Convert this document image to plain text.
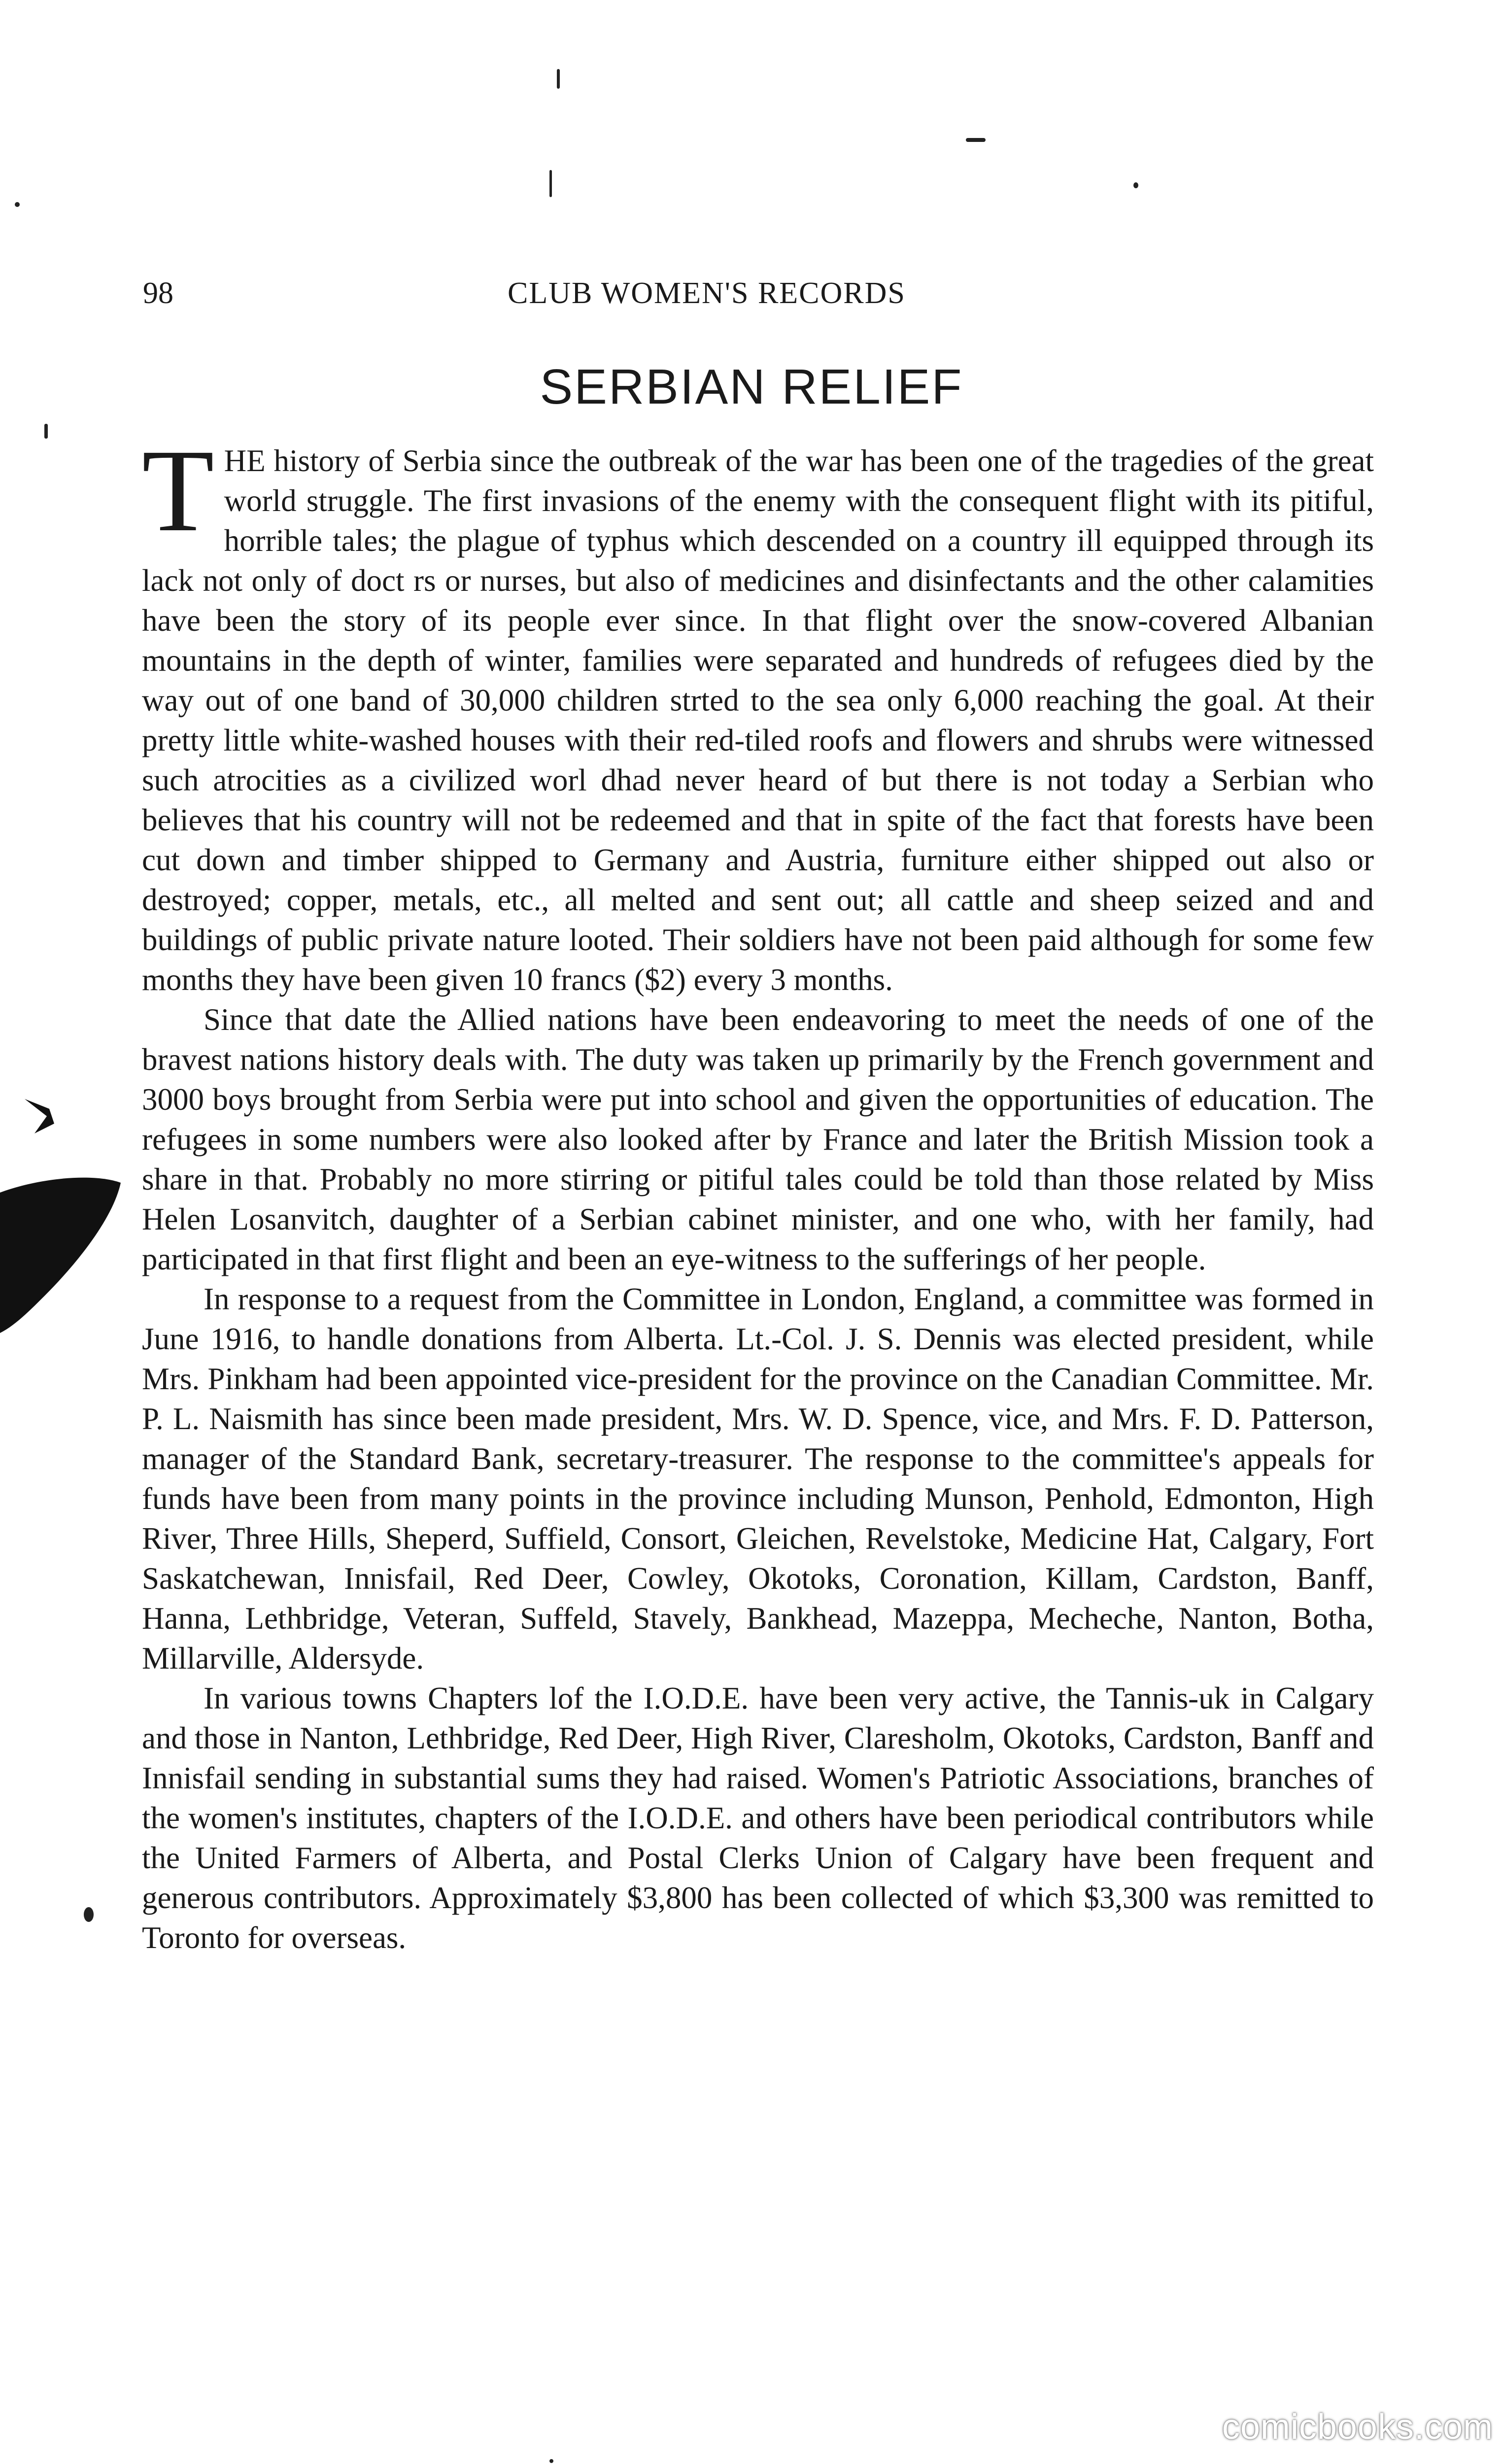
98	CLUB WOMEN'S RECORDS
SERBIAN RELIEF

THE history of Serbia since the outbreak of the war has been one of the tragedies of the great world struggle. The first invasions of the enemy with the consequent flight with its pitiful, horrible tales; the plague of typhus which descended on a country ill equipped through its lack not only of doct rs or nurses, but also of medicines and disinfectants and the other calamities have been the story of its people ever since. In that flight over the snow-covered Albanian mountains in the depth of winter, families were separated and hundreds of refugees died by the way out of one band of 30,000 children strted to the sea only 6,000 reaching the goal. At their pretty little white-washed houses with their red-tiled roofs and flowers and shrubs were witnessed such atrocities as a civilized worl dhad never heard of but there is not today a Serbian who believes that his country will not be redeemed and that in spite of the fact that forests have been cut down and timber shipped to Germany and Austria, furniture either shipped out also or destroyed; copper, metals, etc., all melted and sent out; all cattle and sheep seized and and buildings of public private nature looted. Their soldiers have not been paid although for some few months they have been given 10 francs ($2) every 3 months.

Since that date the Allied nations have been endeavoring to meet the needs of one of the bravest nations history deals with. The duty was taken up primarily by the French government and 3000 boys brought from Serbia were put into school and given the opportunities of education. The refugees in some numbers were also looked after by France and later the British Mission took a share in that. Probably no more stirring or pitiful tales could be told than those related by Miss Helen Losanvitch, daughter of a Serbian cabinet minister, and one who, with her family, had participated in that first flight and been an eye-witness to the sufferings of her people.

In response to a request from the Committee in London, England, a committee was formed in June 1916, to handle donations from Alberta. Lt.-Col. J. S. Dennis was elected president, while Mrs. Pinkham had been appointed vice-president for the province on the Canadian Committee. Mr. P. L. Naismith has since been made president, Mrs. W. D. Spence, vice, and Mrs. F. D. Patterson, manager of the Standard Bank, secretary-treasurer. The response to the committee's appeals for funds have been from many points in the province including Munson, Penhold, Edmonton, High River, Three Hills, Sheperd, Suffield, Consort, Gleichen, Revelstoke, Medicine Hat, Calgary, Fort Saskatchewan, Innisfail, Red Deer, Cowley, Okotoks, Coronation, Killam, Cardston, Banff, Hanna, Lethbridge, Veteran, Suffeld, Stavely, Bankhead, Mazeppa, Mecheche, Nanton, Botha, Millarville, Aldersyde.

In various towns Chapters lof the I.O.D.E. have been very active, the Tannis-uk in Calgary and those in Nanton, Lethbridge, Red Deer, High River, Claresholm, Okotoks, Cardston, Banff and Innisfail sending in substantial sums they had raised. Women's Patriotic Associations, branches of the women's institutes, chapters of the I.O.D.E. and others have been periodical contributors while the United Farmers of Alberta, and Postal Clerks Union of Calgary have been frequent and generous contributors. Approximately $3,800 has been collected of which $3,300 was remitted to Toronto for overseas.

comicbooks.com
